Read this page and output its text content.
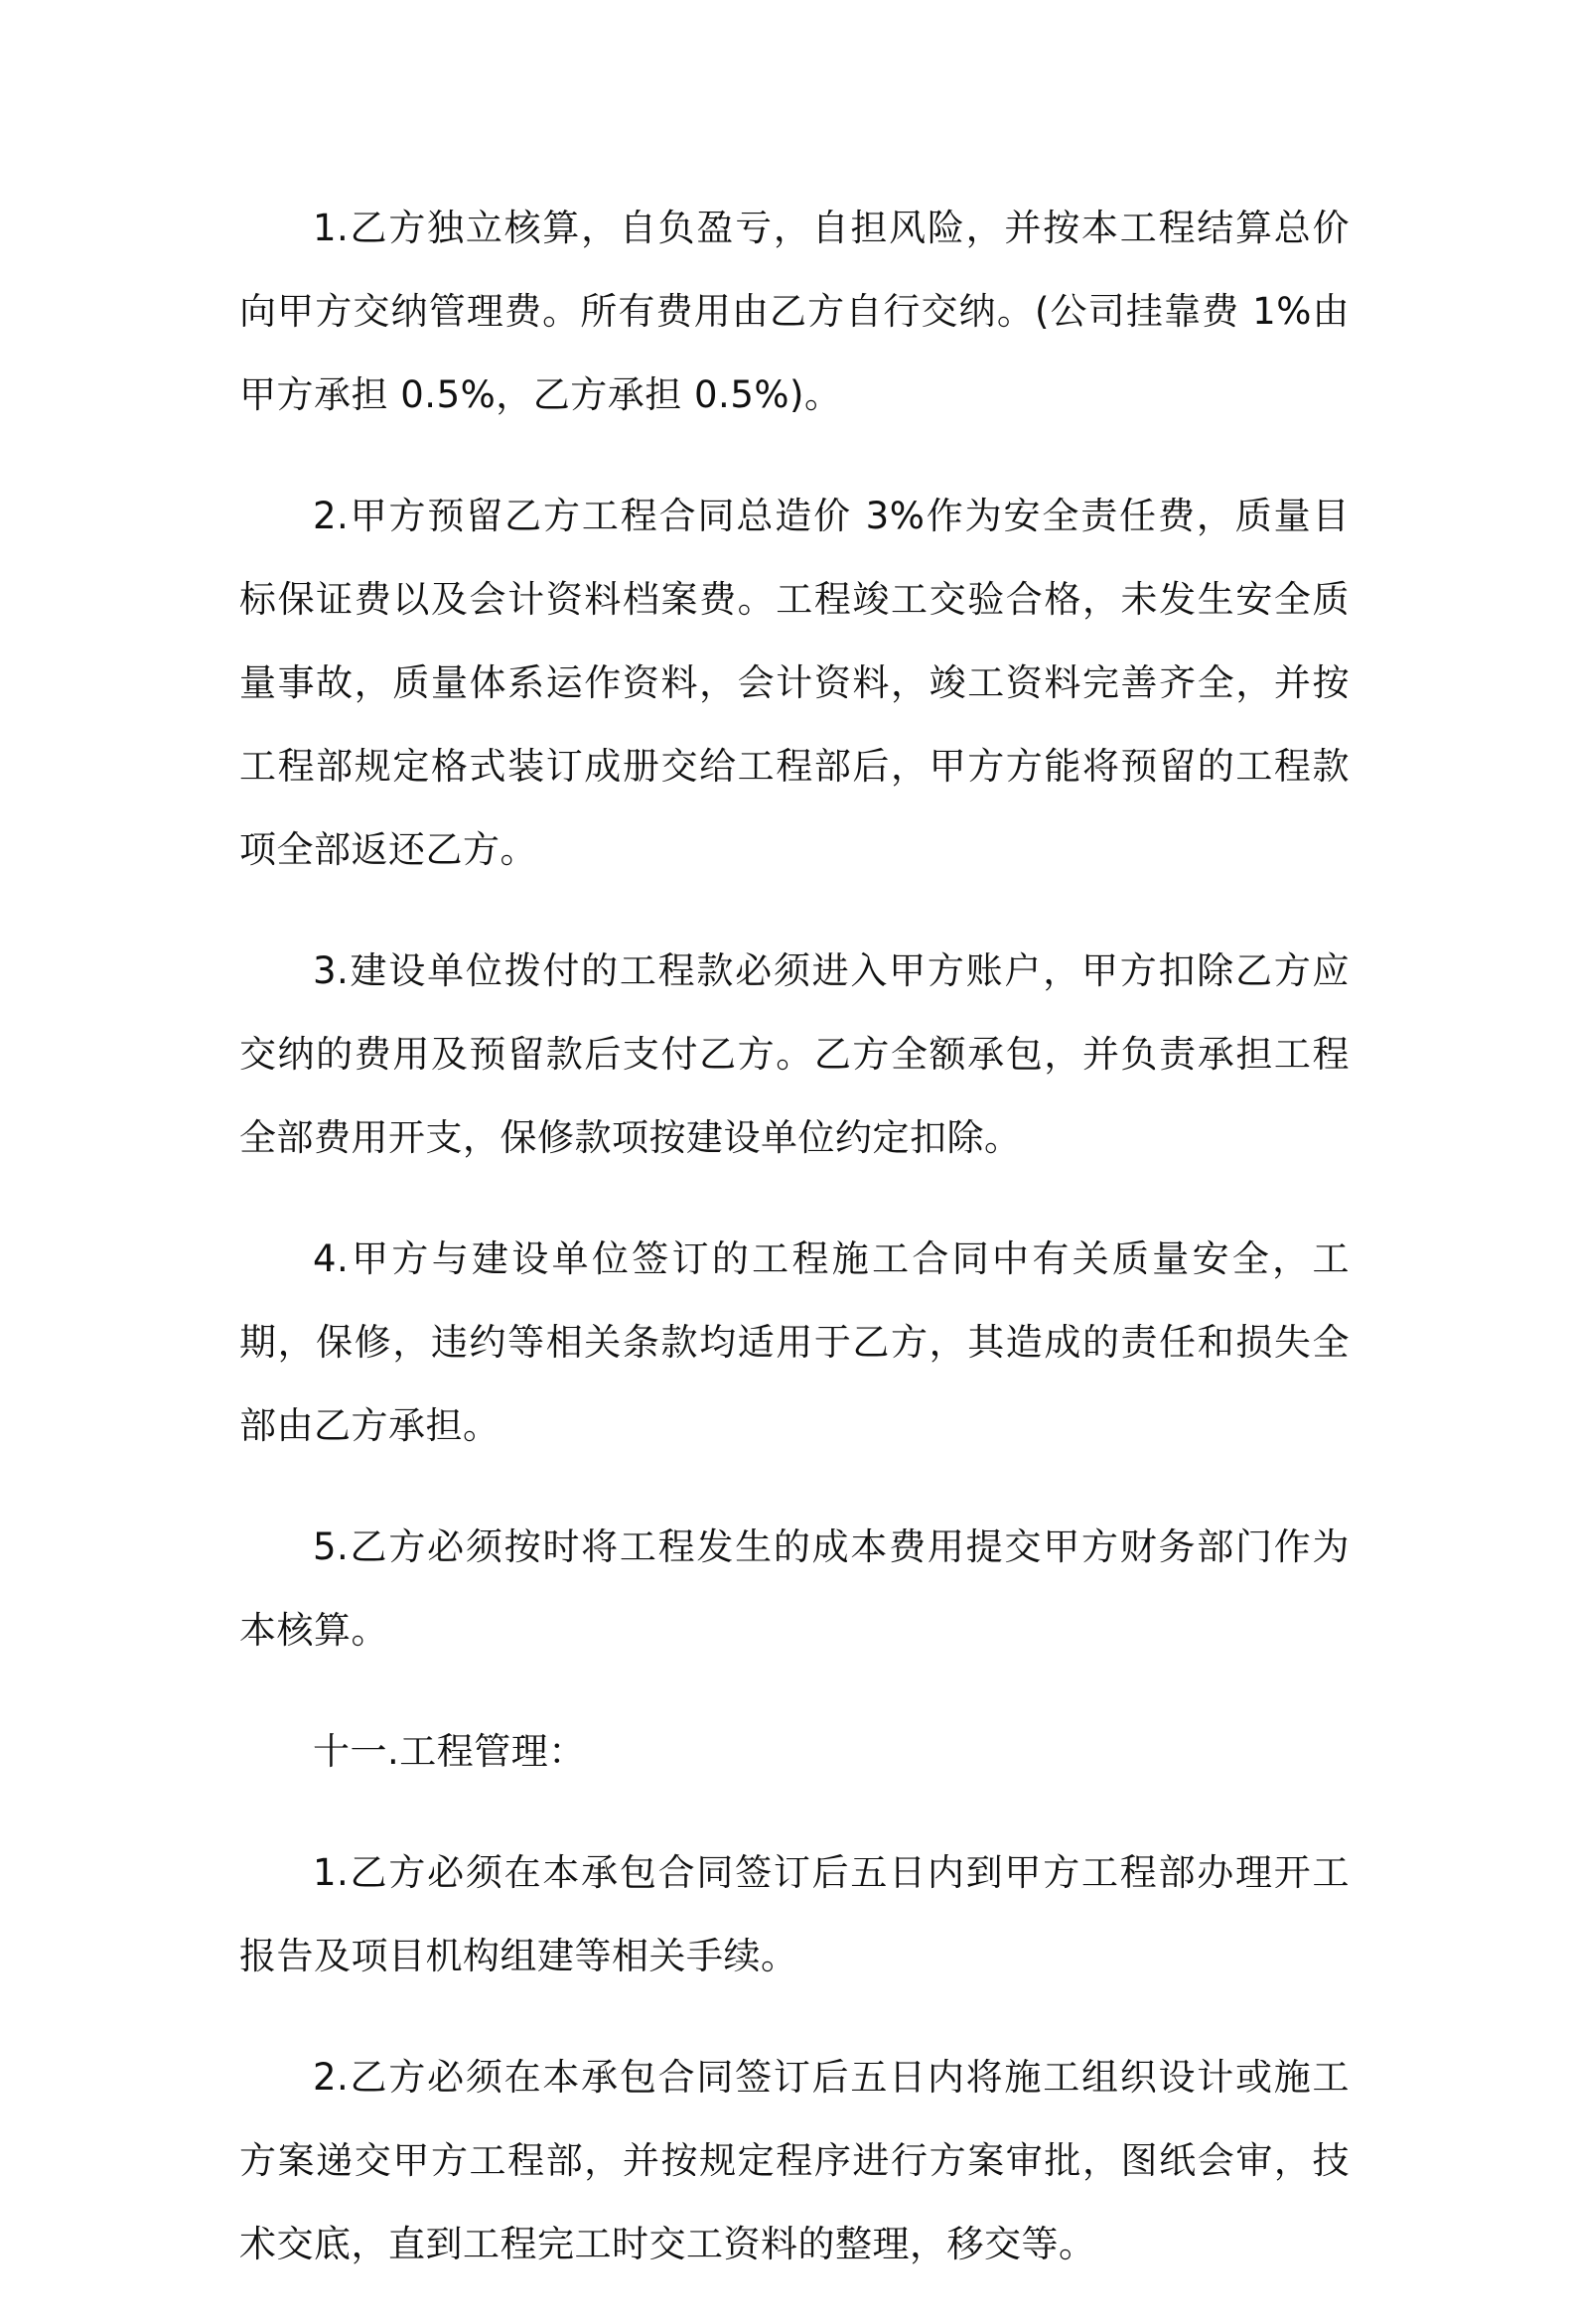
1.乙方独立核算，自负盈亏，自担风险，并按本工程结算总价向甲方交纳管理费。所有费用由乙方自行交纳。(公司挂靠费 1%由甲方承担 0.5%，乙方承担 0.5%)。

2.甲方预留乙方工程合同总造价 3%作为安全责任费，质量目标保证费以及会计资料档案费。工程竣工交验合格，未发生安全质量事故，质量体系运作资料，会计资料，竣工资料完善齐全，并按工程部规定格式装订成册交给工程部后，甲方方能将预留的工程款项全部返还乙方。

3.建设单位拨付的工程款必须进入甲方账户，甲方扣除乙方应交纳的费用及预留款后支付乙方。乙方全额承包，并负责承担工程全部费用开支，保修款项按建设单位约定扣除。

4.甲方与建设单位签订的工程施工合同中有关质量安全，工期，保修，违约等相关条款均适用于乙方，其造成的责任和损失全部由乙方承担。

5.乙方必须按时将工程发生的成本费用提交甲方财务部门作为本核算。

十一.工程管理：

1.乙方必须在本承包合同签订后五日内到甲方工程部办理开工报告及项目机构组建等相关手续。

2.乙方必须在本承包合同签订后五日内将施工组织设计或施工方案递交甲方工程部，并按规定程序进行方案审批，图纸会审，技术交底，直到工程完工时交工资料的整理，移交等。
